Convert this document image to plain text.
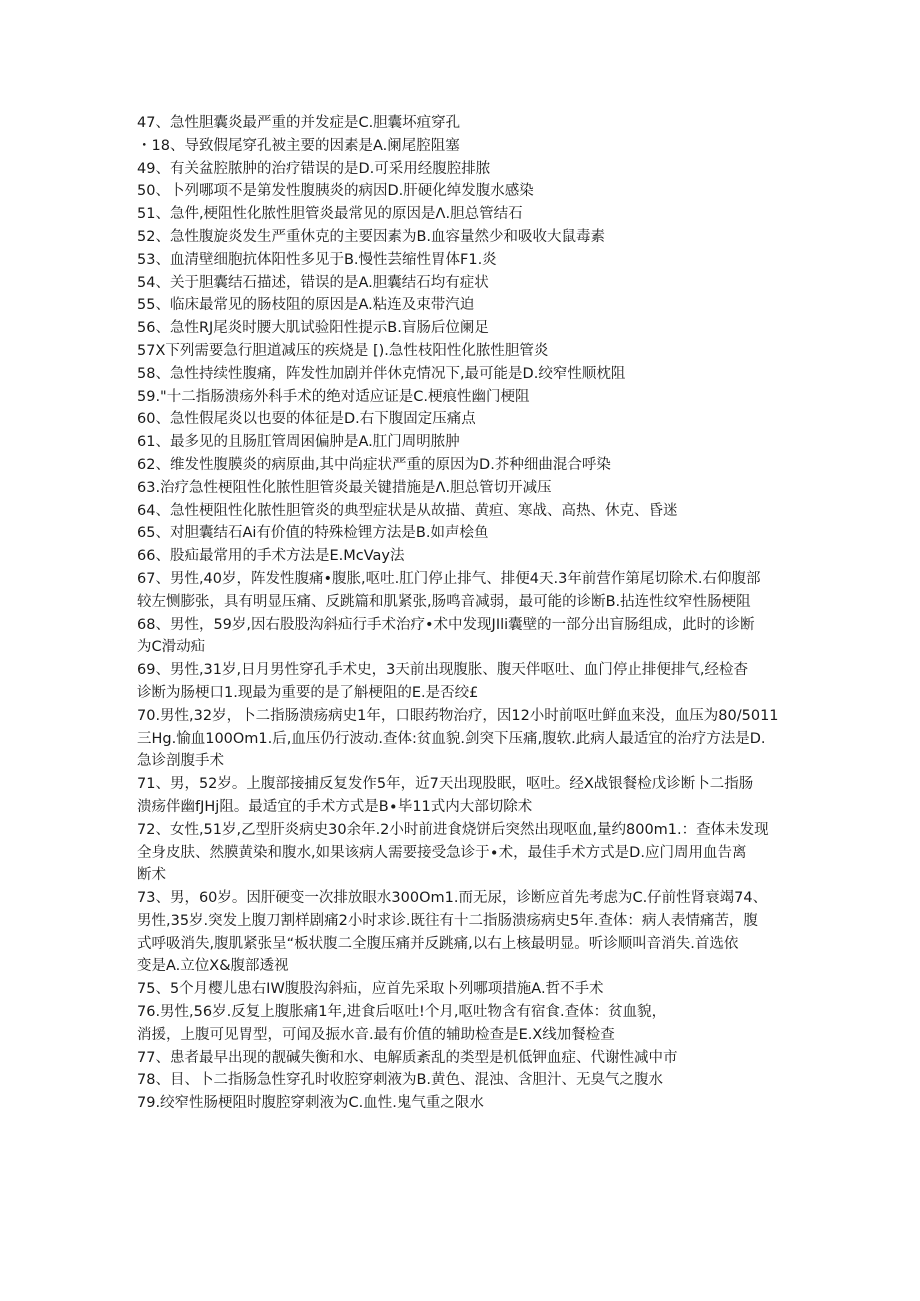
47、急性胆囊炎最严重的并发症是C.胆囊坏疽穿孔
・18、导致假尾穿孔被主要的因素是A.阑尾腔阻塞
49、有关盆腔脓肿的治疗错误的是D.可采用经腹腔排脓
50、卜列哪项不是第发性腹胰炎的病因D.肝硬化绰发腹水感染
51、急件,梗阻性化脓性胆管炎最常见的原因是Λ.胆总管结石
52、急性腹旋炎发生严重休克的主要因素为B.血容量然少和吸收大鼠毒素
53、血清壁细胞抗体阳性多见于B.慢性芸缩性胃体F1.炎
54、关于胆囊结石描述，错误的是A.胆囊结石均有症状
55、临床最常见的肠枝阻的原因是A.粘连及束带汽迫
56、急性RJ尾炎时腰大肌试验阳性提示B.盲肠后位阑足
57X下列需要急行胆道减压的疾烧是 [).急性枝阳性化脓性胆管炎
58、急性持续性腹痛，阵发性加剧并伴休克情况下,最可能是D.绞窄性顺枕阻
59."十二指肠溃疡外科手术的绝对适应证是C.梗痕性幽门梗阻
60、急性假尾炎以也耍的体征是D.右下腹固定压痛点
61、最多见的且肠肛管周困偏肿是A.肛门周明脓肿
62、维发性腹膜炎的病原曲,其中尚症状严重的原因为D.芥种细曲混合呼染
63.治疗急性梗阻性化脓性胆管炎最关键措施是Λ.胆总管切开减压
64、急性梗阻性化脓性胆管炎的典型症状是从故描、黄疸、寒战、高热、休克、昏迷
65、对胆囊结石Ai有价值的特殊检锂方法是B.如声桧鱼
66、股疝最常用的手术方法是E.McVay法
67、男性,40岁，阵发性腹痛•腹胀,呕吐.肛门停止排气、排便4天.3年前营作第尾切除术.右仰腹部
较左恻膨张，具有明显压痛、反跳篇和肌紧张,肠鸣音减弱，最可能的诊断B.拈连性纹窄性肠梗阻
68、男性，59岁,因右股股沟斜疝行手术治疗•术中发现JIli囊壁的一部分出盲肠组成，此时的诊断
为C滑动疝
69、男性,31岁,日月男性穿孔手术史，3天前出现腹胀、腹天伴呕吐、血门停止排便排气,经检杳
诊断为肠梗口1.现最为重要的是了斛梗阻的E.是否绞£
70.男性,32岁，卜二指肠溃疡病史1年，口眼药物治疗，因12小时前呕吐鲜血来没，血压为80∕5011
三Hg.愉血100Om1.后,血压仍行波动.查体:贫血貌.剑突下压痛,腹软.此病人最适宜的治疗方法是D.
急诊剖腹手术
71、男，52岁。上腹部接捕反复发作5年，近7天出现股眠，呕吐。经X战银餐检戊诊断卜二指肠
溃疡伴幽fJHj阻。最适宜的手术方式是B∙毕11式内大部切除术
72、女性,51岁,乙型肝炎病史30余年.2小时前进食烧饼后突然出现呕血,量约800m1.：查体未发现
全身皮肤、然膜黄染和腹水,如果该病人需要接受急诊于∙术，最佳手术方式是D.应门周用血告离
断术
73、男，60岁。因肝硬变一次排放眼水300Om1.而无尿，诊断应首先考虑为C.仔前性肾衰竭74、
男性,35岁.突发上腹刀割样剧痛2小时求诊.既往有十二指肠溃疡病史5年.查体：病人表情痛苦，腹
式呼吸消失,腹肌紧张呈“板状腹二全腹压痛并反跳痛,以右上核最明显。听诊顺叫音消失.首选依
变是A.立位X&腹部透视
75、5个月樱儿患右IW腹股沟斜疝，应首先采取卜列哪项措施A.哲不手术
76.男性,56岁.反复上腹胀痛1年,进食后呕吐!个月,呕吐物含有宿食.查体：贫血貌，
消援，上腹可见胃型，可闻及振水音.最有价值的辅助检查是E.X线加餐检查
77、患者最早出现的靓碱失衡和水、电解质紊乱的类型是机低钾血症、代谢性减中市
78、目、卜二指肠急性穿孔时收腔穿刺液为B.黄色、混浊、含胆汁、无臭气之腹水
79.绞窄性肠梗阻时腹腔穿刺液为C.血性.鬼气重之限水
